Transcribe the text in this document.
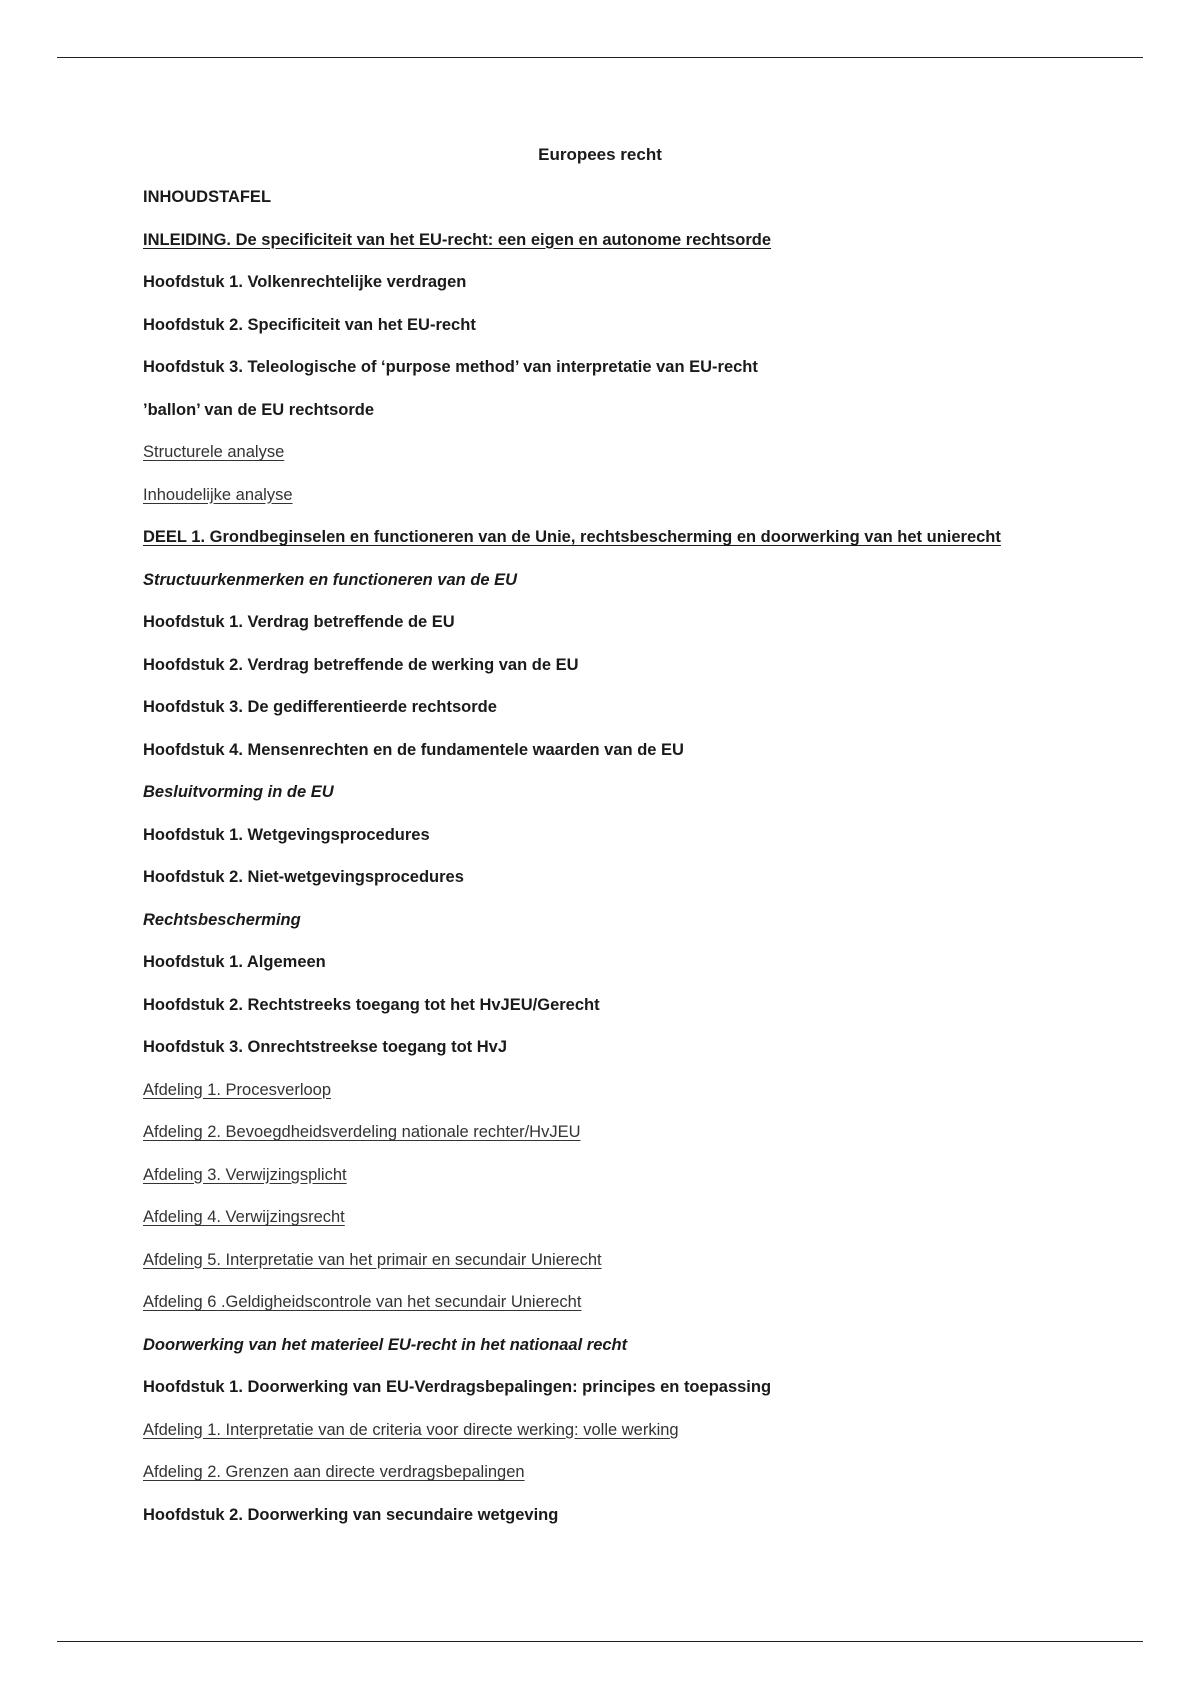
Europees recht
INHOUDSTAFEL
INLEIDING. De specificiteit van het EU-recht: een eigen en autonome rechtsorde
Hoofdstuk 1. Volkenrechtelijke verdragen
Hoofdstuk 2. Specificiteit van het EU-recht
Hoofdstuk 3. Teleologische of ‘purpose method’ van interpretatie van EU-recht
’ballon’ van de EU rechtsorde
Structurele analyse
Inhoudelijke analyse
DEEL 1. Grondbeginselen en functioneren van de Unie, rechtsbescherming en doorwerking van het unierecht
Structuurkenmerken en functioneren van de EU
Hoofdstuk 1. Verdrag betreffende de EU
Hoofdstuk 2. Verdrag betreffende de werking van de EU
Hoofdstuk 3. De gedifferentieerde rechtsorde
Hoofdstuk 4. Mensenrechten en de fundamentele waarden van de EU
Besluitvorming in de EU
Hoofdstuk 1. Wetgevingsprocedures
Hoofdstuk 2. Niet-wetgevingsprocedures
Rechtsbescherming
Hoofdstuk 1. Algemeen
Hoofdstuk 2. Rechtstreeks toegang tot het HvJEU/Gerecht
Hoofdstuk 3. Onrechtstreekse toegang tot HvJ
Afdeling 1. Procesverloop
Afdeling 2. Bevoegdheidsverdeling nationale rechter/HvJEU
Afdeling 3. Verwijzingsplicht
Afdeling 4. Verwijzingsrecht
Afdeling 5. Interpretatie van het primair en secundair Unierecht
Afdeling 6 .Geldigheidscontrole van het secundair Unierecht
Doorwerking van het materieel EU-recht in het nationaal recht
Hoofdstuk 1. Doorwerking van EU-Verdragsbepalingen: principes en toepassing
Afdeling 1. Interpretatie van de criteria voor directe werking: volle werking
Afdeling 2. Grenzen aan directe verdragsbepalingen
Hoofdstuk 2. Doorwerking van secundaire wetgeving
